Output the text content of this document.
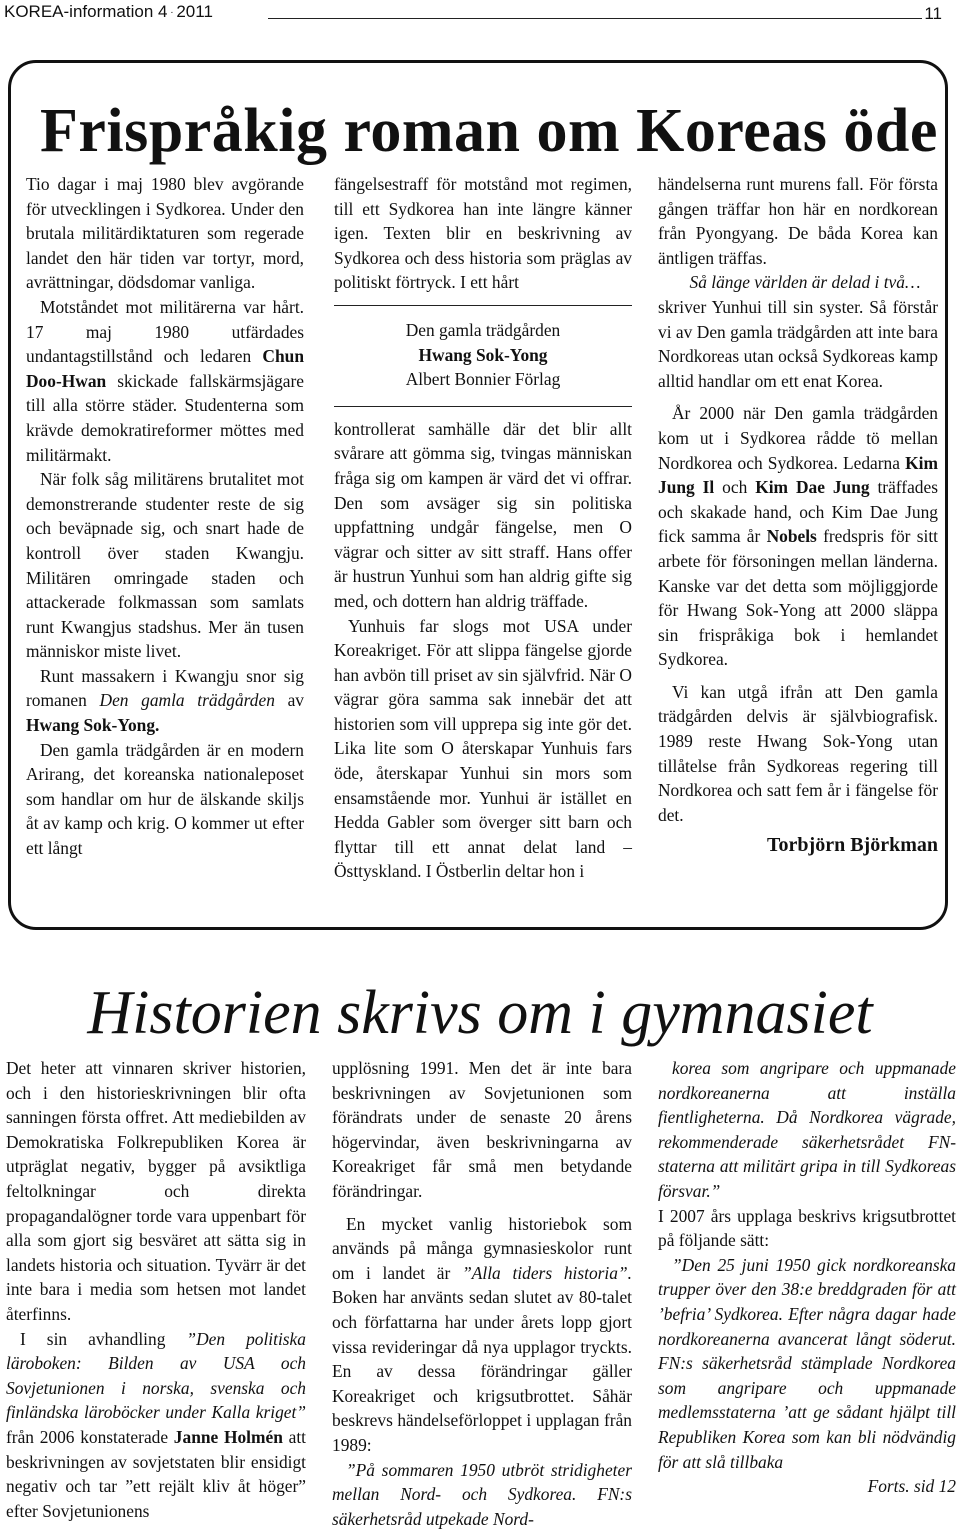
KOREA-information 4 · 2011	11
Frispråkig roman om Koreas öde

Tio dagar i maj 1980 blev avgörande för utvecklingen i Sydkorea. Under den brutala militärdiktaturen som regerade landet den här tiden var tortyr, mord, avrättningar, dödsdomar vanliga.

Motståndet mot militärerna var hårt. 17 maj 1980 utfärdades undantagstillstånd och ledaren Chun Doo-Hwan skickade fallskärmsjägare till alla större städer. Studenterna som krävde demokratireformer möttes med militärmakt.

När folk såg militärens brutalitet mot demonstrerande studenter reste de sig och beväpnade sig, och snart hade de kontroll över staden Kwangju. Militären omringade staden och attackerade folkmassan som samlats runt Kwangjus stadshus. Mer än tusen människor miste livet.

Runt massakern i Kwangju snor sig romanen Den gamla trädgården av Hwang Sok-Yong.

Den gamla trädgården är en modern Arirang, det koreanska nationaleposet som handlar om hur de älskande skiljs åt av kamp och krig. O kommer ut efter ett långt

fängelsestraff för motstånd mot regimen, till ett Sydkorea han inte längre känner igen. Texten blir en beskrivning av Sydkorea och dess historia som präglas av politiskt förtryck. I ett hårt

Den gamla trädgården
Hwang Sok-Yong
Albert Bonnier Förlag

kontrollerat samhälle där det blir allt svårare att gömma sig, tvingas människan fråga sig om kampen är värd det vi offrar. Den som avsäger sig sin politiska uppfattning undgår fängelse, men O vägrar och sitter av sitt straff. Hans offer är hustrun Yunhui som han aldrig gifte sig med, och dottern han aldrig träffade.

Yunhuis far slogs mot USA under Koreakriget. För att slippa fängelse gjorde han avbön till priset av sin självfrid. När O vägrar göra samma sak innebär det att historien som vill upprepa sig inte gör det. Lika lite som O återskapar Yunhuis fars öde, återskapar Yunhui sin mors som ensamstående mor. Yunhui är istället en Hedda Gabler som överger sitt barn och flyttar till ett annat delat land – Östtyskland. I Östberlin deltar hon i

händelserna runt murens fall. För första gången träffar hon här en nordkorean från Pyongyang. De båda Korea kan äntligen träffas.

Så länge världen är delad i två…

skriver Yunhui till sin syster. Så förstår vi av Den gamla trädgården att inte bara Nordkoreas utan också Sydkoreas kamp alltid handlar om ett enat Korea.

År 2000 när Den gamla trädgården kom ut i Sydkorea rådde tö mellan Nordkorea och Sydkorea. Ledarna Kim Jung Il och Kim Dae Jung träffades och skakade hand, och Kim Dae Jung fick samma år Nobels fredspris för sitt arbete för försoningen mellan länderna. Kanske var det detta som möjliggjorde för Hwang Sok-Yong att 2000 släppa sin frispråkiga bok i hemlandet Sydkorea.

Vi kan utgå ifrån att Den gamla trädgården delvis är självbiografisk. 1989 reste Hwang Sok-Yong utan tillåtelse från Sydkoreas regering till Nordkorea och satt fem år i fängelse för det.

Torbjörn Björkman
Historien skrivs om i gymnasiet

Det heter att vinnaren skriver historien, och i den historieskrivningen blir ofta sanningen första offret. Att mediebilden av Demokratiska Folkrepubliken Korea är utpräglat negativ, bygger på avsiktliga feltolkningar och direkta propagandalögner torde vara uppenbart för alla som gjort sig besväret att sätta sig in landets historia och situation. Tyvärr är det inte bara i media som hetsen mot landet återfinns.

I sin avhandling ”Den politiska läroboken: Bilden av USA och Sovjetunionen i norska, svenska och finländska läroböcker under Kalla kriget” från 2006 konstaterade Janne Holmén att beskrivningen av sovjetstaten blir ensidigt negativ och tar ”ett rejält kliv åt höger” efter Sovjetunionens

upplösning 1991. Men det är inte bara beskrivningen av Sovjetunionen som förändrats under de senaste 20 årens högervindar, även beskrivningarna av Koreakriget får små men betydande förändringar.

En mycket vanlig historiebok som används på många gymnasieskolor runt om i landet är ”Alla tiders historia”. Boken har använts sedan slutet av 80-talet och författarna har under årets lopp gjort vissa revideringar då nya upplagor tryckts. En av dessa förändringar gäller Koreakriget och krigsutbrottet. Såhär beskrevs händelseförloppet i upplagan från 1989:

”På sommaren 1950 utbröt stridigheter mellan Nord- och Sydkorea. FN:s säkerhetsråd utpekade Nord-

korea som angripare och uppmanade nordkoreanerna att inställa fientligheterna. Då Nordkorea vägrade, rekommenderade säkerhetsrådet FN-staterna att militärt gripa in till Sydkoreas försvar.”

I 2007 års upplaga beskrivs krigsutbrottet på följande sätt:

”Den 25 juni 1950 gick nordkoreanska trupper över den 38:e breddgraden för att ’befria’ Sydkorea. Efter några dagar hade nordkoreanerna avancerat långt söderut. FN:s säkerhetsråd stämplade Nordkorea som angripare och uppmanade medlemsstaterna ’att ge sådant hjälpt till Republiken Korea som kan bli nödvändig för att slå tillbaka

Forts. sid 12
